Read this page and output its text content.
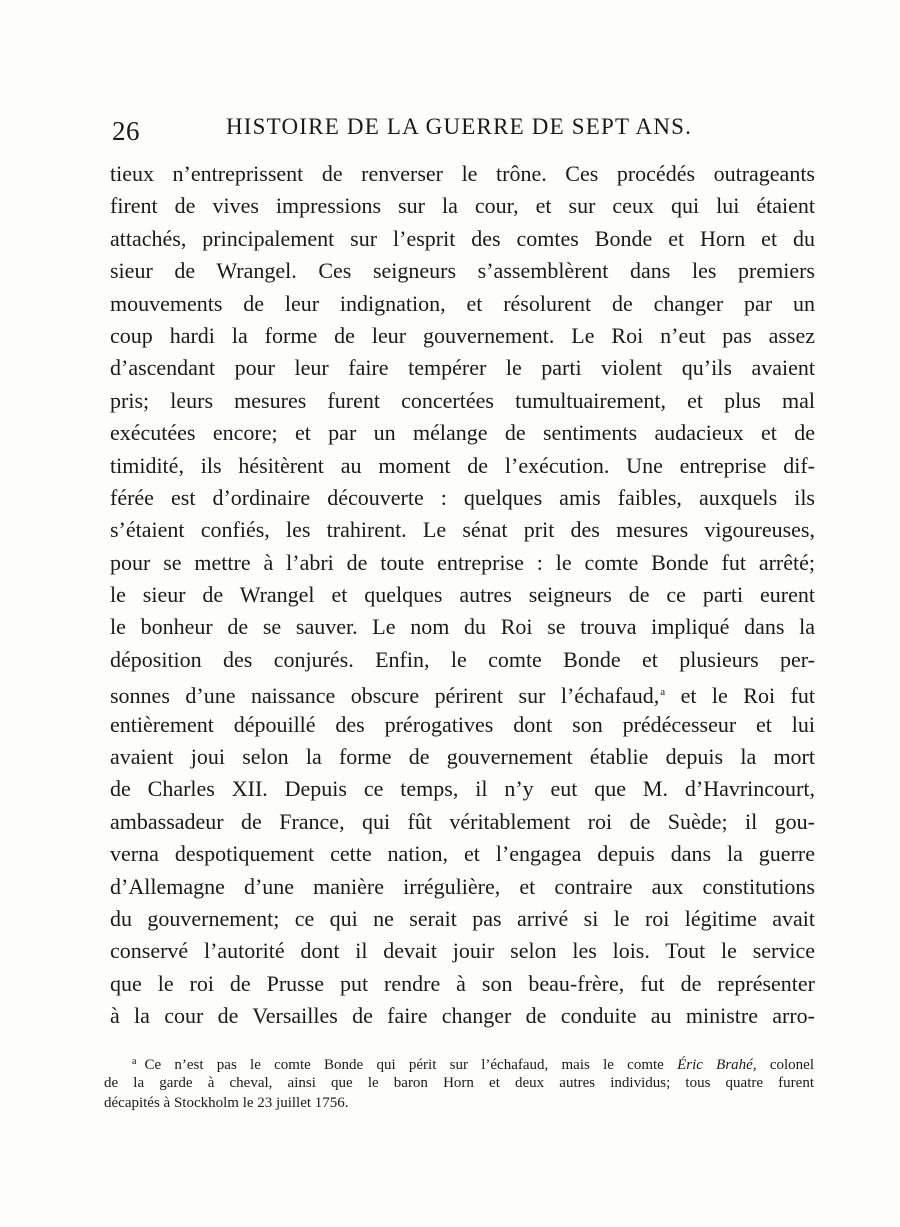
26	HISTOIRE DE LA GUERRE DE SEPT ANS.
tieux n’entreprissent de renverser le trône. Ces procédés outrageants
firent de vives impressions sur la cour, et sur ceux qui lui étaient
attachés, principalement sur l’esprit des comtes Bonde et Horn et du
sieur de Wrangel. Ces seigneurs s’assemblèrent dans les premiers
mouvements de leur indignation, et résolurent de changer par un
coup hardi la forme de leur gouvernement. Le Roi n’eut pas assez
d’ascendant pour leur faire tempérer le parti violent qu’ils avaient
pris; leurs mesures furent concertées tumultuairement, et plus mal
exécutées encore; et par un mélange de sentiments audacieux et de
timidité, ils hésitèrent au moment de l’exécution. Une entreprise dif-
férée est d’ordinaire découverte : quelques amis faibles, auxquels ils
s’étaient confiés, les trahirent. Le sénat prit des mesures vigoureuses,
pour se mettre à l’abri de toute entreprise : le comte Bonde fut arrêté;
le sieur de Wrangel et quelques autres seigneurs de ce parti eurent
le bonheur de se sauver. Le nom du Roi se trouva impliqué dans la
déposition des conjurés. Enfin, le comte Bonde et plusieurs per-
sonnes d’une naissance obscure périrent sur l’échafaud,$^a$ et le Roi fut
entièrement dépouillé des prérogatives dont son prédécesseur et lui
avaient joui selon la forme de gouvernement établie depuis la mort
de Charles XII. Depuis ce temps, il n’y eut que M. d’Havrincourt,
ambassadeur de France, qui fût véritablement roi de Suède; il gou-
verna despotiquement cette nation, et l’engagea depuis dans la guerre
d’Allemagne d’une manière irrégulière, et contraire aux constitutions
du gouvernement; ce qui ne serait pas arrivé si le roi légitime avait
conservé l’autorité dont il devait jouir selon les lois. Tout le service
que le roi de Prusse put rendre à son beau-frère, fut de représenter
à la cour de Versailles de faire changer de conduite au ministre arro-
$^a$ Ce n’est pas le comte Bonde qui périt sur l’échafaud, mais le comte Éric Brahé, colonel
de la garde à cheval, ainsi que le baron Horn et deux autres individus; tous quatre furent
décapités à Stockholm le 23 juillet 1756.
